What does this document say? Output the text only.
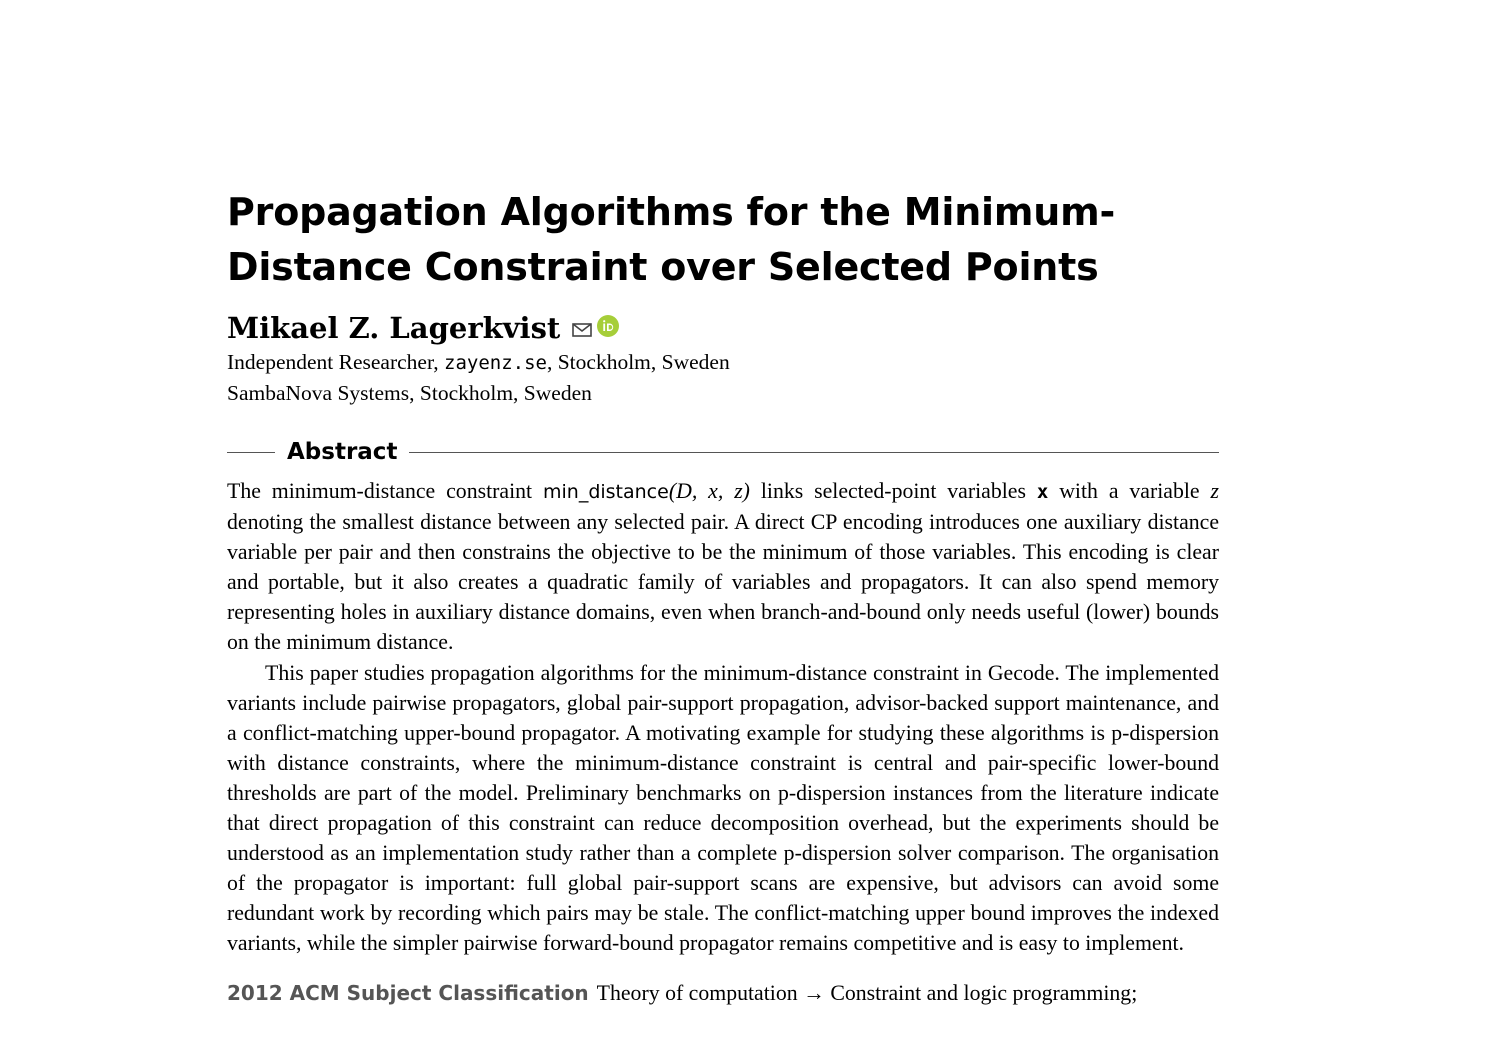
Propagation Algorithms for the Minimum-Distance Constraint over Selected Points
Mikael Z. Lagerkvist
Independent Researcher, zayenz.se, Stockholm, Sweden
SambaNova Systems, Stockholm, Sweden
Abstract

The minimum-distance constraint min_distance(D, x, z) links selected-point variables x with a variable z denoting the smallest distance between any selected pair. A direct CP encoding introduces one auxiliary distance variable per pair and then constrains the objective to be the minimum of those variables. This encoding is clear and portable, but it also creates a quadratic family of variables and propagators. It can also spend memory representing holes in auxiliary distance domains, even when branch-and-bound only needs useful (lower) bounds on the minimum distance.

This paper studies propagation algorithms for the minimum-distance constraint in Gecode. The implemented variants include pairwise propagators, global pair-support propagation, advisor-backed support maintenance, and a conflict-matching upper-bound propagator. A motivating example for studying these algorithms is p-dispersion with distance constraints, where the minimum-distance constraint is central and pair-specific lower-bound thresholds are part of the model. Preliminary benchmarks on p-dispersion instances from the literature indicate that direct propagation of this constraint can reduce decomposition overhead, but the experiments should be understood as an implementation study rather than a complete p-dispersion solver comparison. The organisation of the propagator is important: full global pair-support scans are expensive, but advisors can avoid some redundant work by recording which pairs may be stale. The conflict-matching upper bound improves the indexed variants, while the simpler pairwise forward-bound propagator remains competitive and is easy to implement.

2012 ACM Subject Classification Theory of computation → Constraint and logic programming;
